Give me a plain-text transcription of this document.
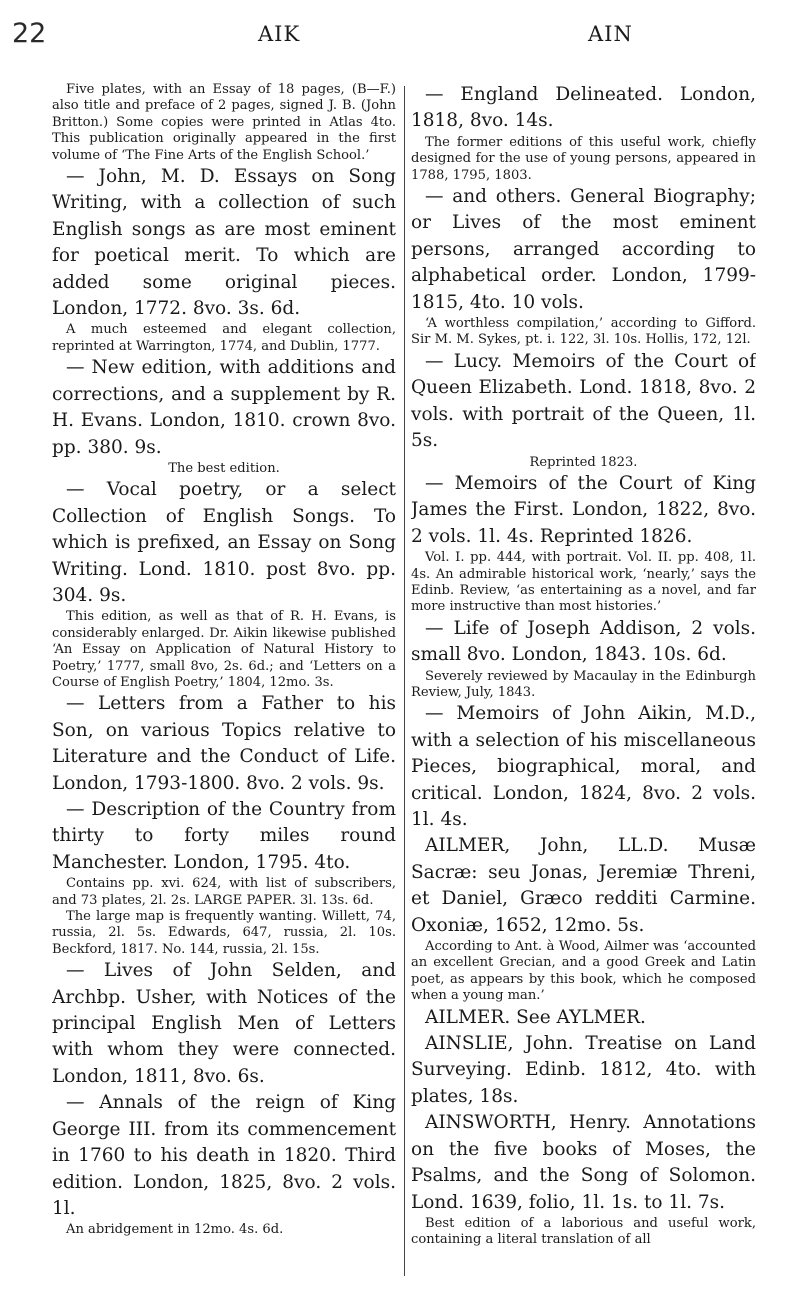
22	AIK	AIN

Five plates, with an Essay of 18 pages, (B—F.) also title and preface of 2 pages, signed J. B. (John Britton.) Some copies were printed in Atlas 4to. This publication originally appeared in the first volume of ‘The Fine Arts of the English School.’

— John, M. D. Essays on Song Writing, with a collection of such English songs as are most eminent for poetical merit. To which are added some original pieces. London, 1772. 8vo. 3s. 6d.

A much esteemed and elegant collection, reprinted at Warrington, 1774, and Dublin, 1777.

— New edition, with additions and corrections, and a supplement by R. H. Evans. London, 1810. crown 8vo. pp. 380. 9s.

The best edition.

— Vocal poetry, or a select Collection of English Songs. To which is prefixed, an Essay on Song Writing. Lond. 1810. post 8vo. pp. 304. 9s.

This edition, as well as that of R. H. Evans, is considerably enlarged. Dr. Aikin likewise published ‘An Essay on Application of Natural History to Poetry,’ 1777, small 8vo, 2s. 6d.; and ‘Letters on a Course of English Poetry,’ 1804, 12mo. 3s.

— Letters from a Father to his Son, on various Topics relative to Literature and the Conduct of Life. London, 1793-1800. 8vo. 2 vols. 9s.

— Description of the Country from thirty to forty miles round Manchester. London, 1795. 4to.

Contains pp. xvi. 624, with list of subscribers, and 73 plates, 2l. 2s. LARGE PAPER. 3l. 13s. 6d.

The large map is frequently wanting. Willett, 74, russia, 2l. 5s. Edwards, 647, russia, 2l. 10s. Beckford, 1817. No. 144, russia, 2l. 15s.

— Lives of John Selden, and Archbp. Usher, with Notices of the principal English Men of Letters with whom they were connected. London, 1811, 8vo. 6s.

— Annals of the reign of King George III. from its commencement in 1760 to his death in 1820. Third edition. London, 1825, 8vo. 2 vols. 1l.

An abridgement in 12mo. 4s. 6d.

— England Delineated. London, 1818, 8vo. 14s.

The former editions of this useful work, chiefly designed for the use of young persons, appeared in 1788, 1795, 1803.

— and others. General Biography; or Lives of the most eminent persons, arranged according to alphabetical order. London, 1799-1815, 4to. 10 vols.

‘A worthless compilation,’ according to Gifford. Sir M. M. Sykes, pt. i. 122, 3l. 10s. Hollis, 172, 12l.

— Lucy. Memoirs of the Court of Queen Elizabeth. Lond. 1818, 8vo. 2 vols. with portrait of the Queen, 1l. 5s.

Reprinted 1823.

— Memoirs of the Court of King James the First. London, 1822, 8vo. 2 vols. 1l. 4s. Reprinted 1826.

Vol. I. pp. 444, with portrait. Vol. II. pp. 408, 1l. 4s. An admirable historical work, ‘nearly,’ says the Edinb. Review, ‘as entertaining as a novel, and far more instructive than most histories.’

— Life of Joseph Addison, 2 vols. small 8vo. London, 1843. 10s. 6d.

Severely reviewed by Macaulay in the Edinburgh Review, July, 1843.

— Memoirs of John Aikin, M.D., with a selection of his miscellaneous Pieces, biographical, moral, and critical. London, 1824, 8vo. 2 vols. 1l. 4s.

AILMER, John, LL.D. Musæ Sacræ: seu Jonas, Jeremiæ Threni, et Daniel, Græco redditi Carmine. Oxoniæ, 1652, 12mo. 5s.

According to Ant. à Wood, Ailmer was ‘accounted an excellent Grecian, and a good Greek and Latin poet, as appears by this book, which he composed when a young man.’

AILMER. See AYLMER.

AINSLIE, John. Treatise on Land Surveying. Edinb. 1812, 4to. with plates, 18s.

AINSWORTH, Henry. Annotations on the five books of Moses, the Psalms, and the Song of Solomon. Lond. 1639, folio, 1l. 1s. to 1l. 7s.

Best edition of a laborious and useful work, containing a literal translation of all
